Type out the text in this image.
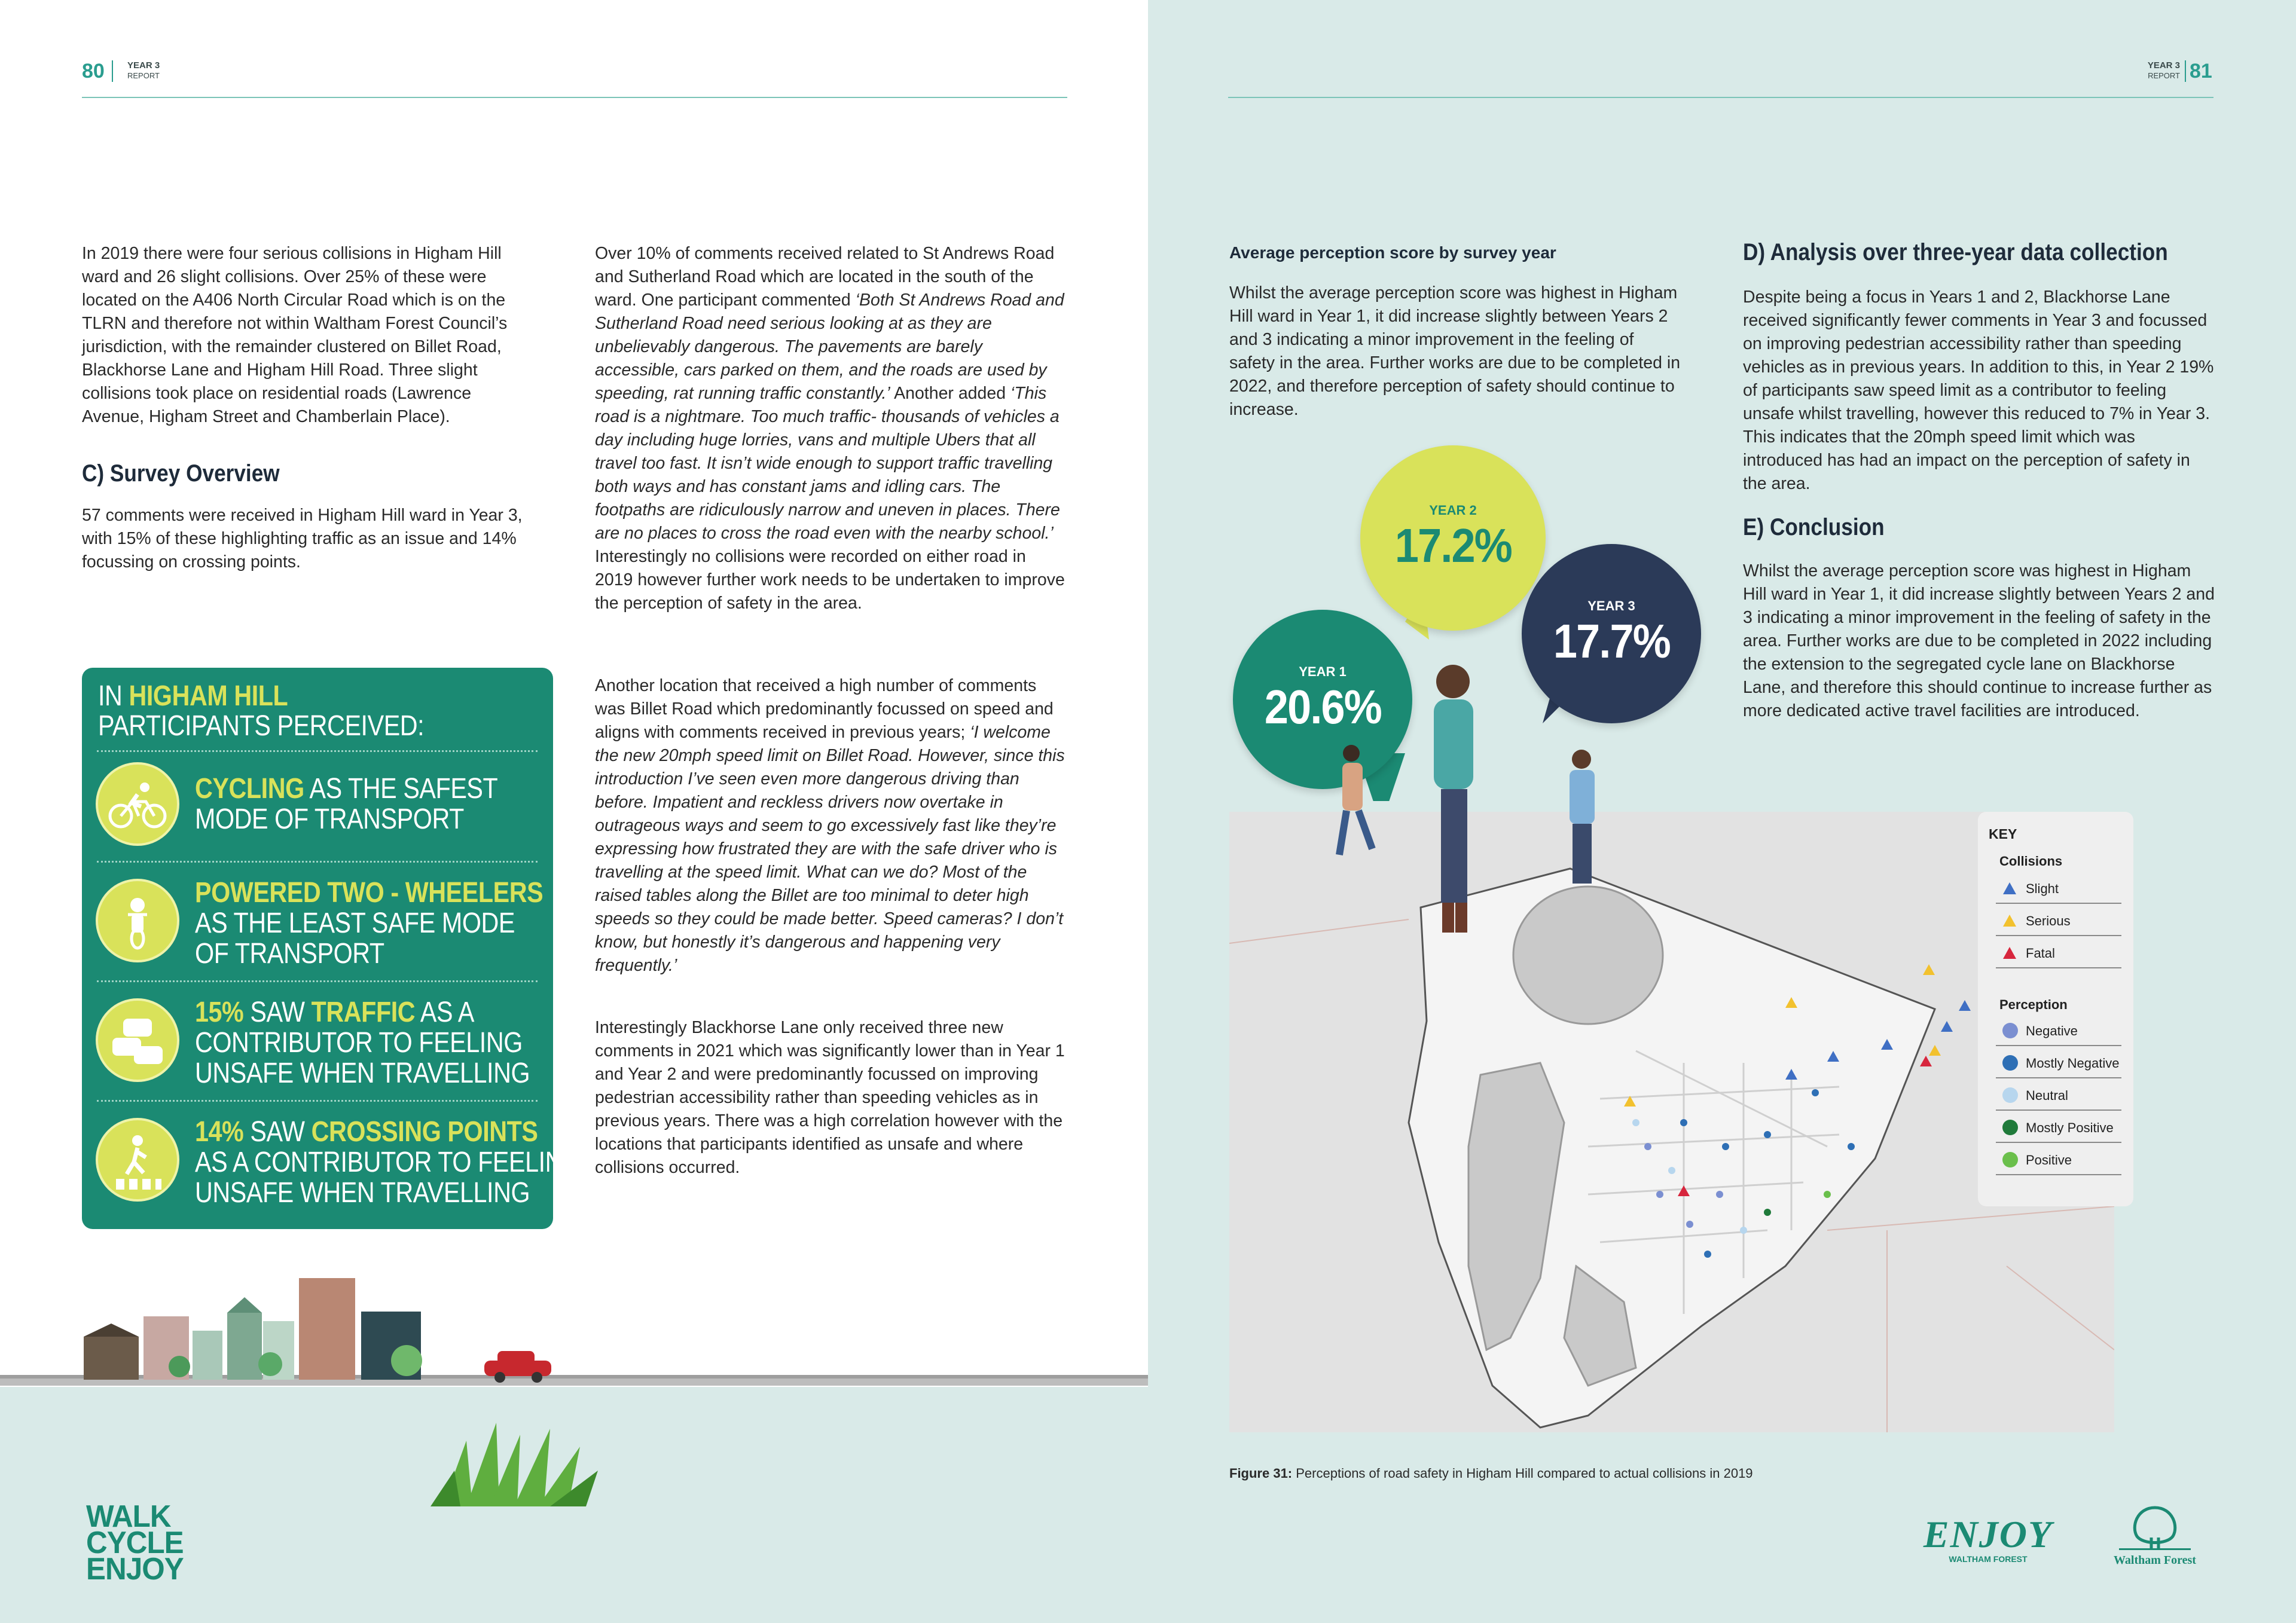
80	YEAR 3
REPORT
In 2019 there were four serious collisions in Higham Hill ward and 26 slight collisions. Over 25% of these were located on the A406 North Circular Road which is on the TLRN and therefore not within Waltham Forest Council’s jurisdiction, with the remainder clustered on Billet Road, Blackhorse Lane and Higham Hill Road. Three slight collisions took place on residential roads (Lawrence Avenue, Higham Street and Chamberlain Place).
C) Survey Overview
57 comments were received in Higham Hill ward in Year 3, with 15% of these highlighting traffic as an issue and 14% focussing on crossing points.
Over 10% of comments received related to St Andrews Road and Sutherland Road which are located in the south of the ward. One participant commented ‘Both St Andrews Road and Sutherland Road need serious looking at as they are unbelievably dangerous. The pavements are barely accessible, cars parked on them, and the roads are used by speeding, rat running traffic constantly.’ Another added ‘This road is a nightmare. Too much traffic- thousands of vehicles a day including huge lorries, vans and multiple Ubers that all travel too fast. It isn’t wide enough to support traffic travelling both ways and has constant jams and idling cars. The footpaths are ridiculously narrow and uneven in places. There are no places to cross the road even with the nearby school.’ Interestingly no collisions were recorded on either road in 2019 however further work needs to be undertaken to improve the perception of safety in the area.
Another location that received a high number of comments was Billet Road which predominantly focussed on speed and aligns with comments received in previous years; ‘I welcome the new 20mph speed limit on Billet Road. However, since this introduction I’ve seen even more dangerous driving than before. Impatient and reckless drivers now overtake in outrageous ways and seem to go excessively fast like they’re expressing how frustrated they are with the safe driver who is travelling at the speed limit. What can we do? Most of the raised tables along the Billet are too minimal to deter high speeds so they could be made better. Speed cameras? I don’t know, but honestly it’s dangerous and happening very frequently.’
Interestingly Blackhorse Lane only received three new comments in 2021 which was significantly lower than in Year 1 and Year 2 and were predominantly focussed on improving pedestrian accessibility rather than speeding vehicles as in previous years. There was a high correlation however with the locations that participants identified as unsafe and where collisions occurred.
IN HIGHAM HILL
PARTICIPANTS PERCEIVED:
CYCLING AS THE SAFEST
MODE OF TRANSPORT
POWERED TWO - WHEELERS
AS THE LEAST SAFE MODE
OF TRANSPORT
15% SAW TRAFFIC AS A
CONTRIBUTOR TO FEELING
UNSAFE WHEN TRAVELLING
14% SAW CROSSING POINTS
AS A CONTRIBUTOR TO FEELING
UNSAFE WHEN TRAVELLING
WALK
CYCLE
ENJOY
YEAR 3
REPORT 81
Average perception score by survey year
Whilst the average perception score was highest in Higham Hill ward in Year 1, it did increase slightly between Years 2 and 3 indicating a minor improvement in the feeling of safety in the area. Further works are due to be completed in 2022, and therefore perception of safety should continue to increase.
D) Analysis over three-year data collection
Despite being a focus in Years 1 and 2, Blackhorse Lane received significantly fewer comments in Year 3 and focussed on improving pedestrian accessibility rather than speeding vehicles as in previous years. In addition to this, in Year 2 19% of participants saw speed limit as a contributor to feeling unsafe whilst travelling, however this reduced to 7% in Year 3. This indicates that the 20mph speed limit which was introduced has had an impact on the perception of safety in the area.
E) Conclusion
Whilst the average perception score was highest in Higham Hill ward in Year 1, it did increase slightly between Years 2 and 3 indicating a minor improvement in the feeling of safety in the area. Further works are due to be completed in 2022 including the extension to the segregated cycle lane on Blackhorse Lane, and therefore this should continue to increase further as more dedicated active travel facilities are introduced.
YEAR 1
20.6%
YEAR 2
17.2%
YEAR 3
17.7%
KEY
Collisions
Slight
Serious
Fatal
Perception
Negative
Mostly Negative
Neutral
Mostly Positive
Positive
Figure 31: Perceptions of road safety in Higham Hill compared to actual collisions in 2019
ENJOY
WALTHAM FOREST	Waltham Forest
